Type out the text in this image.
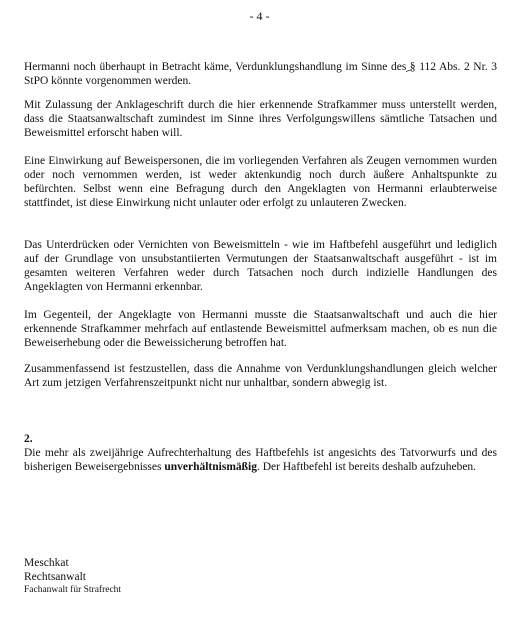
- 4 -

Hermanni noch überhaupt in Betracht käme, Verdunklungshandlung im Sinne des § 112 Abs. 2 Nr. 3 StPO könnte vorgenommen werden.

Mit Zulassung der Anklageschrift durch die hier erkennende Strafkammer muss unterstellt werden, dass die Staatsanwaltschaft zumindest im Sinne ihres Verfolgungswillens sämtliche Tatsachen und Beweismittel erforscht haben will.

Eine Einwirkung auf Beweispersonen, die im vorliegenden Verfahren als Zeugen vernommen wurden oder noch vernommen werden, ist weder aktenkundig noch durch äußere Anhaltspunkte zu befürchten. Selbst wenn eine Befragung durch den Angeklagten von Hermanni erlaubterweise stattfindet, ist diese Einwirkung nicht unlauter oder erfolgt zu unlauteren Zwecken.

Das Unterdrücken oder Vernichten von Beweismitteln - wie im Haftbefehl ausgeführt und lediglich auf der Grundlage von unsubstantiierten Vermutungen der Staatsanwaltschaft ausgeführt - ist im gesamten weiteren Verfahren weder durch Tatsachen noch durch indizielle Handlungen des Angeklagten von Hermanni erkennbar.

Im Gegenteil, der Angeklagte von Hermanni musste die Staatsanwaltschaft und auch die hier erkennende Strafkammer mehrfach auf entlastende Beweismittel aufmerksam machen, ob es nun die Beweiserhebung oder die Beweissicherung betroffen hat.

Zusammenfassend ist festzustellen, dass die Annahme von Verdunklungshandlungen gleich welcher Art zum jetzigen Verfahrenszeitpunkt nicht nur unhaltbar, sondern abwegig ist.

2.

Die mehr als zweijährige Aufrechterhaltung des Haftbefehls ist angesichts des Tatvorwurfs und des bisherigen Beweisergebnisses unverhältnismäßig. Der Haftbefehl ist bereits deshalb aufzuheben.

Meschkat
Rechtsanwalt
Fachanwalt für Strafrecht
